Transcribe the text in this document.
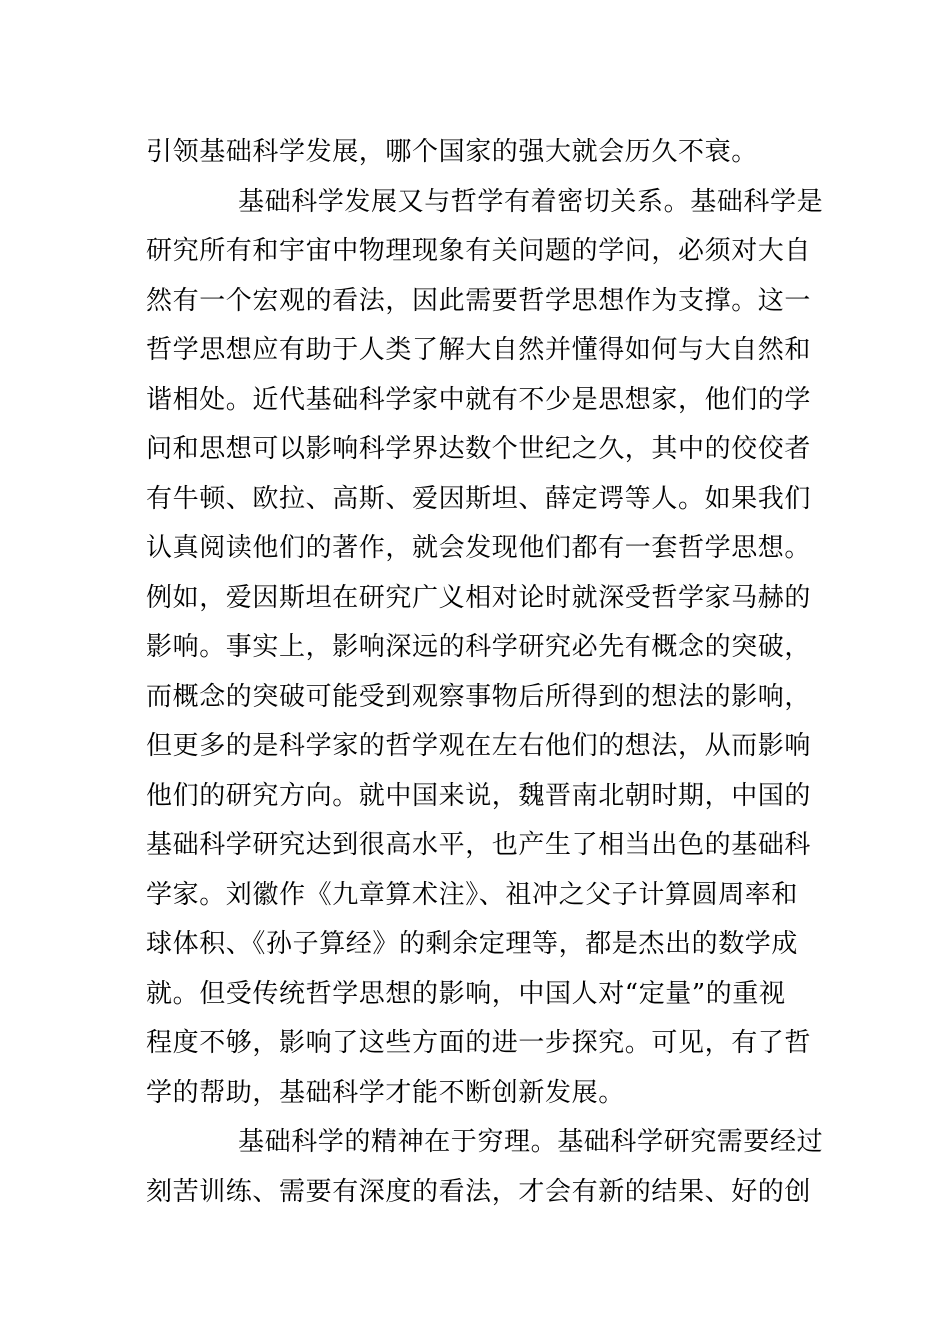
引领基础科学发展，哪个国家的强大就会历久不衰。
基础科学发展又与哲学有着密切关系。基础科学是
研究所有和宇宙中物理现象有关问题的学问，必须对大自
然有一个宏观的看法，因此需要哲学思想作为支撑。这一
哲学思想应有助于人类了解大自然并懂得如何与大自然和
谐相处。近代基础科学家中就有不少是思想家，他们的学
问和思想可以影响科学界达数个世纪之久，其中的佼佼者
有牛顿、欧拉、高斯、爱因斯坦、薛定谔等人。如果我们
认真阅读他们的著作，就会发现他们都有一套哲学思想。
例如，爱因斯坦在研究广义相对论时就深受哲学家马赫的
影响。事实上，影响深远的科学研究必先有概念的突破，
而概念的突破可能受到观察事物后所得到的想法的影响，
但更多的是科学家的哲学观在左右他们的想法，从而影响
他们的研究方向。就中国来说，魏晋南北朝时期，中国的
基础科学研究达到很高水平，也产生了相当出色的基础科
学家。刘徽作《九章算术注》、祖冲之父子计算圆周率和
球体积、《孙子算经》的剩余定理等，都是杰出的数学成
就。但受传统哲学思想的影响，中国人对“定量”的重视
程度不够，影响了这些方面的进一步探究。可见，有了哲
学的帮助，基础科学才能不断创新发展。
基础科学的精神在于穷理。基础科学研究需要经过
刻苦训练、需要有深度的看法，才会有新的结果、好的创
